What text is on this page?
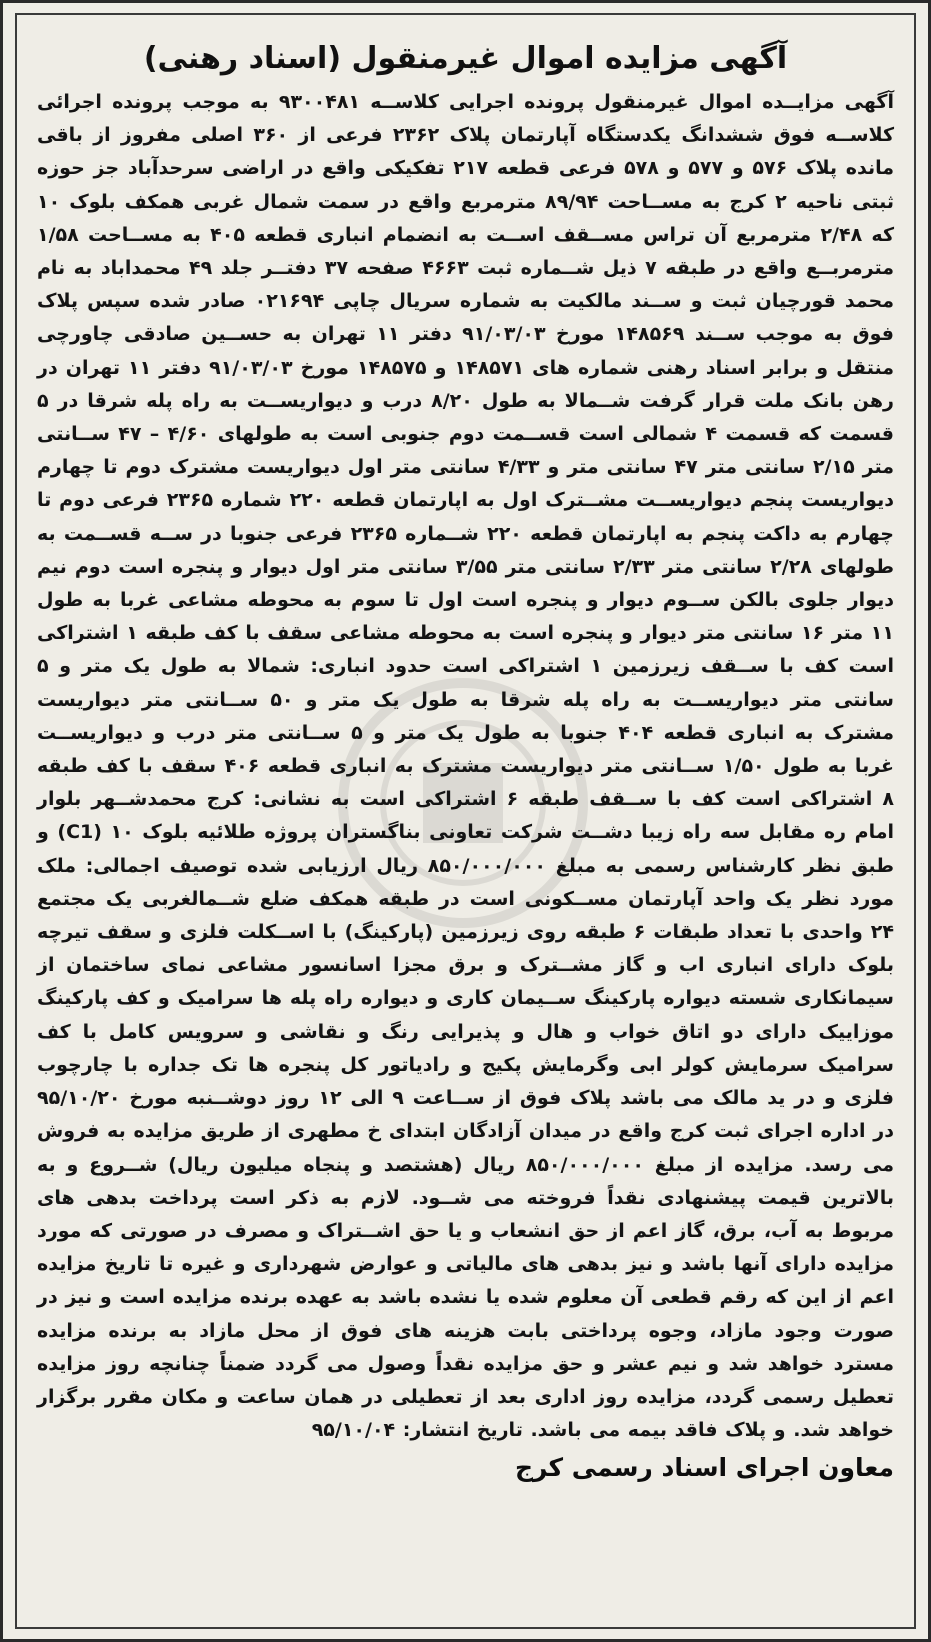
آگهی مزایده اموال غیرمنقول (اسناد رهنی)
آگهی مزایــده اموال غیرمنقول پرونده اجرایی کلاســه ۹۳۰۰۴۸۱ به موجب پرونده اجرائی کلاســه فوق ششدانگ یکدستگاه آپارتمان پلاک ۲۳۶۲ فرعی از ۳۶۰ اصلی مفروز از باقی مانده پلاک ۵۷۶ و ۵۷۷ و ۵۷۸ فرعی قطعه ۲۱۷ تفکیکی واقع در اراضی سرحدآباد جز حوزه ثبتی ناحیه ۲ کرج به مســاحت ۸۹/۹۴ مترمربع واقع در سمت شمال غربی همکف بلوک ۱۰ که ۲/۴۸ مترمربع آن تراس مســقف اســت به انضمام انباری قطعه ۴۰۵ به مســاحت ۱/۵۸ مترمربــع واقع در طبقه ۷ ذیل شــماره ثبت ۴۶۶۳ صفحه ۳۷ دفتــر جلد ۴۹ محمداباد به نام محمد قورچیان ثبت و ســند مالکیت به شماره سریال چاپی ۰۲۱۶۹۴ صادر شده سپس پلاک فوق به موجب ســند ۱۴۸۵۶۹ مورخ ۹۱/۰۳/۰۳ دفتر ۱۱ تهران به حســین صادقی چاورچی منتقل و برابر اسناد رهنی شماره های ۱۴۸۵۷۱ و ۱۴۸۵۷۵ مورخ ۹۱/۰۳/۰۳ دفتر ۱۱ تهران در رهن بانک ملت قرار گرفت شــمالا به طول ۸/۲۰ درب و دیواریســت به راه پله شرقا در ۵ قسمت که قسمت ۴ شمالی است قســمت دوم جنوبی است به طولهای ۴/۶۰ – ۴۷ ســانتی متر ۲/۱۵ سانتی متر ۴۷ سانتی متر و ۴/۳۳ سانتی متر اول دیواریست مشترک دوم تا چهارم دیواریست پنجم دیواریســت مشــترک اول به اپارتمان قطعه ۲۲۰ شماره ۲۳۶۵ فرعی دوم تا چهارم به داکت پنجم به اپارتمان قطعه ۲۲۰ شــماره ۲۳۶۵ فرعی جنوبا در ســه قســمت به طولهای ۲/۲۸ سانتی متر ۲/۳۳ سانتی متر ۳/۵۵ سانتی متر اول دیوار و پنجره است دوم نیم دیوار جلوی بالکن ســوم دیوار و پنجره است اول تا سوم به محوطه مشاعی غربا به طول ۱۱ متر ۱۶ سانتی متر دیوار و پنجره است به محوطه مشاعی سقف با کف طبقه ۱ اشتراکی است کف با ســقف زیرزمین ۱ اشتراکی است حدود انباری: شمالا به طول یک متر و ۵ سانتی متر دیواریســت به راه پله شرقا به طول یک متر و ۵۰ ســانتی متر دیواریست مشترک به انباری قطعه ۴۰۴ جنوبا به طول یک متر و ۵ ســانتی متر درب و دیواریســت غربا به طول ۱/۵۰ ســانتی متر دیواریست مشترک به انباری قطعه ۴۰۶ سقف با کف طبقه ۸ اشتراکی است کف با ســقف طبقه ۶ اشتراکی است به نشانی: کرج محمدشــهر بلوار امام ره مقابل سه راه زیبا دشــت شرکت تعاونی بناگستران پروژه طلائیه بلوک ۱۰ (C1) و طبق نظر کارشناس رسمی به مبلغ ۸۵۰/۰۰۰/۰۰۰ ریال ارزیابی شده توصیف اجمالی: ملک مورد نظر یک واحد آپارتمان مســکونی است در طبقه همکف ضلع شــمالغربی یک مجتمع ۲۴ واحدی با تعداد طبقات ۶ طبقه روی زیرزمین (پارکینگ) با اســکلت فلزی و سقف تیرچه بلوک دارای انباری اب و گاز مشــترک و برق مجزا اسانسور مشاعی نمای ساختمان از سیمانکاری شسته دیواره پارکینگ ســیمان کاری و دیواره راه پله ها سرامیک و کف پارکینگ موزاییک دارای دو اتاق خواب و هال و پذیرایی رنگ و نقاشی و سرویس کامل با کف سرامیک سرمایش کولر ابی وگرمایش پکیج و رادیاتور کل پنجره ها تک جداره با چارچوب فلزی و در ید مالک می باشد پلاک فوق از ســاعت ۹ الی ۱۲ روز دوشــنبه مورخ ۹۵/۱۰/۲۰ در اداره اجرای ثبت کرج واقع در میدان آزادگان ابتدای خ مطهری از طریق مزایده به فروش می رسد. مزایده از مبلغ ۸۵۰/۰۰۰/۰۰۰ ریال (هشتصد و پنجاه میلیون ریال) شــروع و به بالاترین قیمت پیشنهادی نقداً فروخته می شــود. لازم به ذکر است پرداخت بدهی های مربوط به آب، برق، گاز اعم از حق انشعاب و یا حق اشــتراک و مصرف در صورتی که مورد مزایده دارای آنها باشد و نیز بدهی های مالیاتی و عوارض شهرداری و غیره تا تاریخ مزایده اعم از این که رقم قطعی آن معلوم شده یا نشده باشد به عهده برنده مزایده است و نیز در صورت وجود مازاد، وجوه پرداختی بابت هزینه های فوق از محل مازاد به برنده مزایده مسترد خواهد شد و نیم عشر و حق مزایده نقداً وصول می گردد ضمناً چنانچه روز مزایده تعطیل رسمی گردد، مزایده روز اداری بعد از تعطیلی در همان ساعت و مکان مقرر برگزار خواهد شد. و پلاک فاقد بیمه می باشد. تاریخ انتشار: ۹۵/۱۰/۰۴
معاون اجرای اسناد رسمی کرج
